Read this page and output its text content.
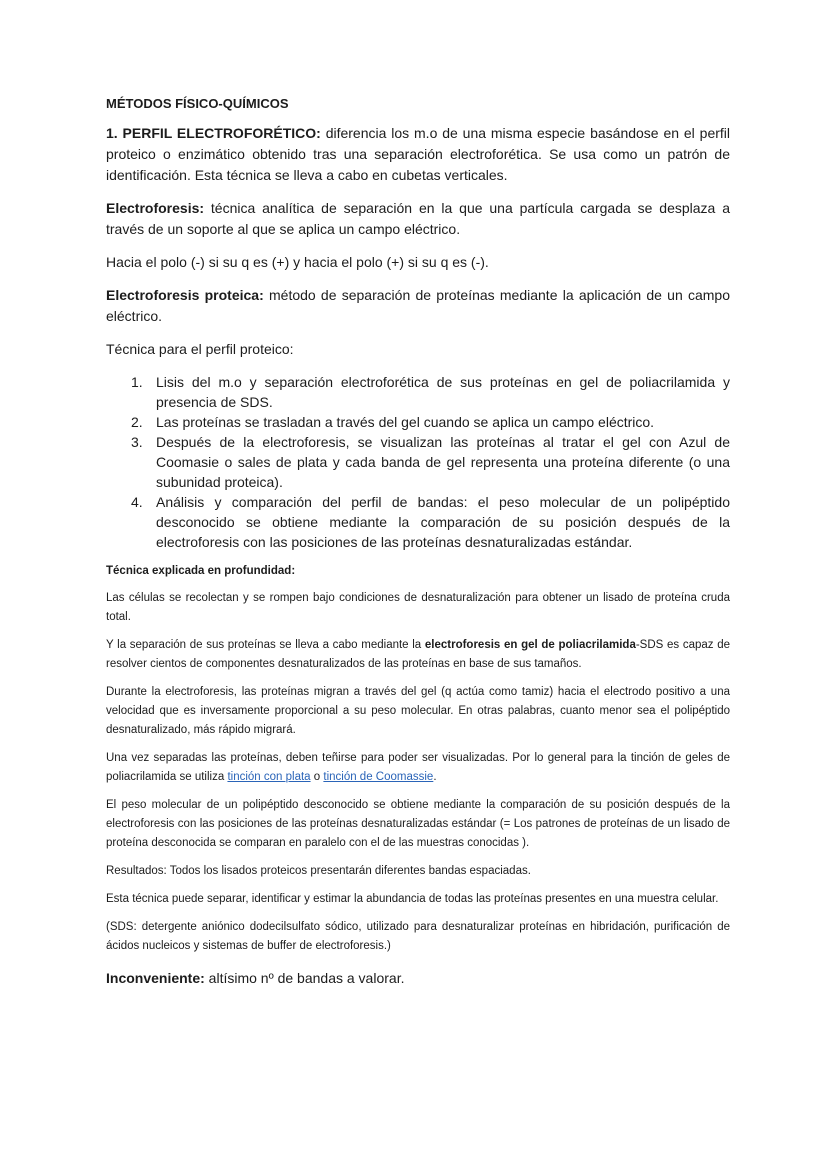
MÉTODOS FÍSICO-QUÍMICOS

1. PERFIL ELECTROFORÉTICO: diferencia los m.o de una misma especie basándose en el perfil proteico o enzimático obtenido tras una separación electroforética. Se usa como un patrón de identificación. Esta técnica se lleva a cabo en cubetas verticales.

Electroforesis: técnica analítica de separación en la que una partícula cargada se desplaza a través de un soporte al que se aplica un campo eléctrico.

Hacia el polo (-) si su q es (+) y hacia el polo (+) si su q es (-).

Electroforesis proteica: método de separación de proteínas mediante la aplicación de un campo eléctrico.

Técnica para el perfil proteico:

1. Lisis del m.o y separación electroforética de sus proteínas en gel de poliacrilamida y presencia de SDS.
2. Las proteínas se trasladan a través del gel cuando se aplica un campo eléctrico.
3. Después de la electroforesis, se visualizan las proteínas al tratar el gel con Azul de Coomasie o sales de plata y cada banda de gel representa una proteína diferente (o una subunidad proteica).
4. Análisis y comparación del perfil de bandas: el peso molecular de un polipéptido desconocido se obtiene mediante la comparación de su posición después de la electroforesis con las posiciones de las proteínas desnaturalizadas estándar.

Técnica explicada en profundidad:

Las células se recolectan y se rompen bajo condiciones de desnaturalización para obtener un lisado de proteína cruda total.

Y la separación de sus proteínas se lleva a cabo mediante la electroforesis en gel de poliacrilamida-SDS es capaz de resolver cientos de componentes desnaturalizados de las proteínas en base de sus tamaños.

Durante la electroforesis, las proteínas migran a través del gel (q actúa como tamiz) hacia el electrodo positivo a una velocidad que es inversamente proporcional a su peso molecular. En otras palabras, cuanto menor sea el polipéptido desnaturalizado, más rápido migrará.

Una vez separadas las proteínas, deben teñirse para poder ser visualizadas. Por lo general para la tinción de geles de poliacrilamida se utiliza tinción con plata o tinción de Coomassie.

El peso molecular de un polipéptido desconocido se obtiene mediante la comparación de su posición después de la electroforesis con las posiciones de las proteínas desnaturalizadas estándar (= Los patrones de proteínas de un lisado de proteína desconocida se comparan en paralelo con el de las muestras conocidas ).

Resultados: Todos los lisados proteicos presentarán diferentes bandas espaciadas.

Esta técnica puede separar, identificar y estimar la abundancia de todas las proteínas presentes en una muestra celular.

(SDS: detergente aniónico dodecilsulfato sódico, utilizado para desnaturalizar proteínas en hibridación, purificación de ácidos nucleicos y sistemas de buffer de electroforesis.)

Inconveniente: altísimo nº de bandas a valorar.
